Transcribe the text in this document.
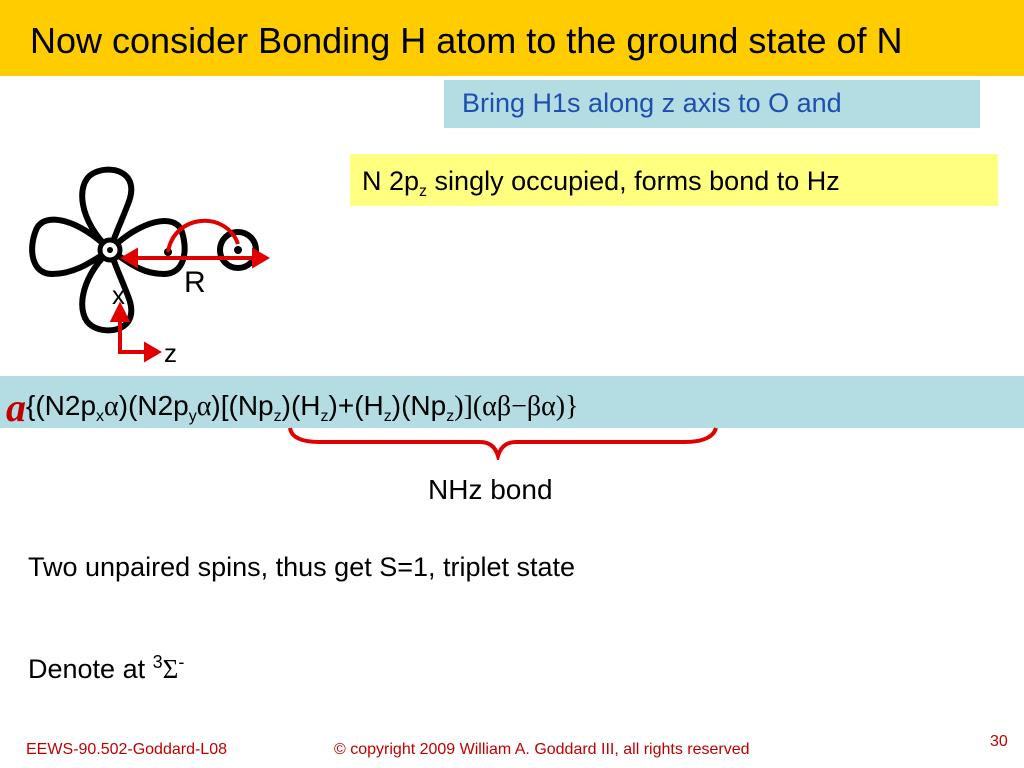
Now consider Bonding H atom to the ground state of N
Bring H1s along z axis to O and
N $2p_z$ singly occupied, forms bond to Hz
R
x
z
$a\{(N2p_x\alpha)(N2p_y\alpha)[(Np_z)(H_z)+(H_z)(Np_z)](\alpha\beta-\beta\alpha)\}$
NHz bond
Two unpaired spins, thus get S=1, triplet state
Denote at $^3$Σ-
EEWS-90.502-Goddard-L08	© copyright 2009 William A. Goddard III, all rights reserved	30
